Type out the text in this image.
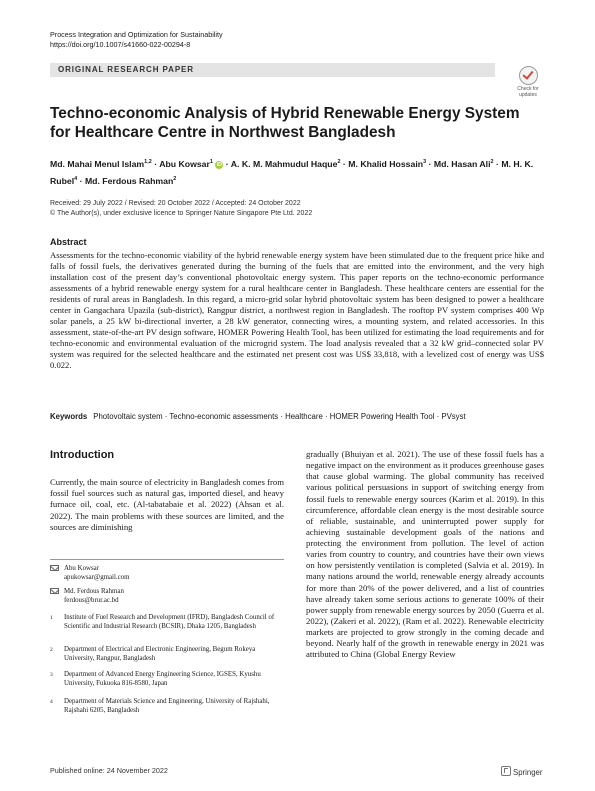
Process Integration and Optimization for Sustainability
https://doi.org/10.1007/s41660-022-00294-8
ORIGINAL RESEARCH PAPER
Check for
updates
Techno-economic Analysis of Hybrid Renewable Energy System
for Healthcare Centre in Northwest Bangladesh
Md. Mahai Menul Islam$^{1,2}$ · Abu Kowsar$^1$ iD · A. K. M. Mahmudul Haque$^2$ · M. Khalid Hossain$^3$ · Md. Hasan Ali$^2$ · M. H. K. Rubel$^4$ · Md. Ferdous Rahman$^2$
Received: 29 July 2022 / Revised: 20 October 2022 / Accepted: 24 October 2022
© The Author(s), under exclusive licence to Springer Nature Singapore Pte Ltd. 2022
Abstract
Assessments for the techno-economic viability of the hybrid renewable energy system have been stimulated due to the frequent price hike and falls of fossil fuels, the derivatives generated during the burning of the fuels that are emitted into the environment, and the very high installation cost of the present day’s conventional photovoltaic energy system. This paper reports on the techno-economic performance assessments of a hybrid renewable energy system for a rural healthcare center in Bangladesh. These healthcare centers are essential for the residents of rural areas in Bangladesh. In this regard, a micro-grid solar hybrid photovoltaic system has been designed to power a healthcare center in Gangachara Upazila (sub-district), Rangpur district, a northwest region in Bangladesh. The rooftop PV system comprises 400 Wp solar panels, a 25 kW bi-directional inverter, a 28 kW generator, connecting wires, a mounting system, and related accessories. In this assessment, state-of-the-art PV design software, HOMER Powering Health Tool, has been utilized for estimating the load requirements and for techno-economic and environmental evaluation of the microgrid system. The load analysis revealed that a 32 kW grid–connected solar PV system was required for the selected healthcare and the estimated net present cost was US$ 33,818, with a levelized cost of energy was US$ 0.022.
Keywords Photovoltaic system · Techno-economic assessments · Healthcare · HOMER Powering Health Tool · PVsyst
Introduction
Currently, the main source of electricity in Bangladesh comes from fossil fuel sources such as natural gas, imported diesel, and heavy furnace oil, coal, etc. (Al-tabatabaie et al. 2022) (Ahsan et al. 2022). The main problems with these sources are limited, and the sources are diminishing
Abu Kowsar
apukowsar@gmail.com
Md. Ferdous Rahman
ferdous@brur.ac.bd
1 Institute of Fuel Research and Development (IFRD), Bangladesh Council of Scientific and Industrial Research (BCSIR), Dhaka 1205, Bangladesh
2 Department of Electrical and Electronic Engineering, Begum Rokeya University, Rangpur, Bangladesh
3 Department of Advanced Energy Engineering Science, IGSES, Kyushu University, Fukuoka 816-8580, Japan
4 Department of Materials Science and Engineering, University of Rajshahi, Rajshahi 6205, Bangladesh
gradually (Bhuiyan et al. 2021). The use of these fossil fuels has a negative impact on the environment as it produces greenhouse gases that cause global warming. The global community has received various political persuasions in support of switching energy from fossil fuels to renewable energy sources (Karim et al. 2019). In this circumference, affordable clean energy is the most desirable source of reliable, sustainable, and uninterrupted power supply for achieving sustainable development goals of the nations and protecting the environment from pollution. The level of action varies from country to country, and countries have their own views on how persistently ventilation is completed (Salvia et al. 2019). In many nations around the world, renewable energy already accounts for more than 20% of the power delivered, and a list of countries have already taken some serious actions to generate 100% of their power supply from renewable energy sources by 2050 (Guerra et al. 2022), (Zakeri et al. 2022), (Ram et al. 2022). Renewable electricity markets are projected to grow strongly in the coming decade and beyond. Nearly half of the growth in renewable energy in 2021 was attributed to China (Global Energy Review
Published online: 24 November 2022	Springer
